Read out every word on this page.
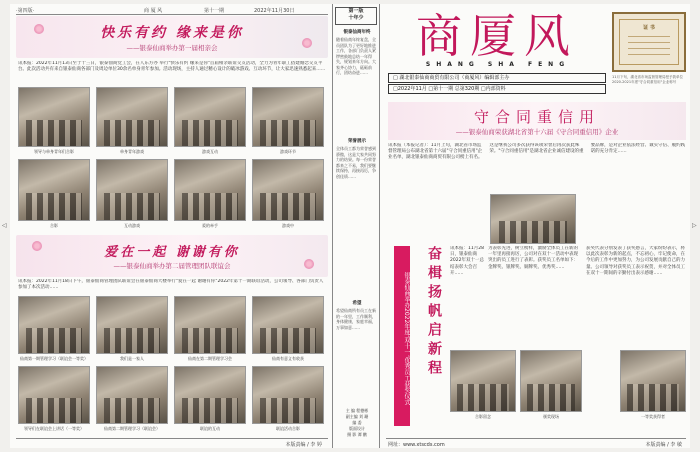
·第四版·	商 厦 风	第十一期	2022年11月30日
快乐有约 缘来是你
——银泰仙商举办第一届相亲会
讯本报：2022年11月13日至于十三日，银泰仙商党工会，在人东方办 举行"快乐有约 缘来是你"首届相亲联谊交友活动，全力为青年职工搭建婚恋交友平台。此次活动共有来自银泰仙商各部门及周边单位30余名单身青年参加。活动现场，主持人通过精心设计的破冰游戏、互动环节，让大家迅速熟悉起来……
领导与单身青年们合影	单身青年游戏	游戏互动	游戏环节
合影	互动游戏	爱的牵手	游戏中
爱在一起 谢谢有你
——银泰仙商举办第二届管理团队联谊会
讯本报：2022年11月18日下午，银泰仙商管理团队联谊会在银泰仙商大楼举行"爱在一起 谢谢有你"2022年第十一期联谊活动，公司领导、各部门负责人参加了本次活动……
仙商第一期管理学习（联谊会一等奖）	我们是一家人	仙商在第二期管理学习会	仙商有意义有收获
领导们在联谊会上讲话（一等奖）	仙商第二期管理学习（联谊会）	联谊的互动	联谊活动合影
本版责编 / 李 婷
第一版
十年少
银泰仙商年终
随着仙商年终复盘，全员团队为了更好地推进工作，各部门负责人紧锣密鼓地总结一年得失，规划来年方向。大家齐心协力，砥砺前行，团结奋进……
荣誉展示
全体员工都为荣誉感到骄傲，这是大家共同努力的结果。每一份荣誉都来之不易，我们要继续保持，再接再厉，争创佳绩……
希望
希望仙商所有员工在新的一年里，工作顺利，身体健康，家庭幸福，万事如意……
主 编 程德彬
副主编 刘 珊
编 委
版面设计
摄 影 谭 鹏
商厦风
SHANG SHA FENG
□ 湖北银泰仙商商贸有限公司（商厦风）编辑部主办
□2022年11月 □第十一期 总第320期 □内部资料
证 书
11月下旬，湖北省市场监督管理局授予我单位2020-2021年度"守合同重信用"企业称号
守合同重信用
——银泰仙商荣获湖北省第十六届《守合同重信用》企业
讯本报（本报记者）：11月上旬，湖北省市场监督管理局公布湖北省第十六届"守合同重信用"企业名单，湖北银泰仙商商贸有限公司榜上有名。这是继我公司多次获得该项荣誉后再次获此殊荣。"守合同重信用"是湖北省企业诚信建设的重要品牌，是对企业依法经营、诚实守信、履约践诺的充分肯定……
银泰仙商举办2022年度‘双十一’优秀员工获奖仪式	奋楫扬帆启新程	讯本报：11月28日，银泰仙商2022年双十一总结表彰大会召开……
为表彰先进，树立榜样，激励全体员工在新的一年里再接再厉，公司对在双十一活动中表现突出的员工进行了表彰。获奖员工名单如下：金牌奖、银牌奖、铜牌奖、优秀奖……
获奖代表分别发表了获奖感言，大家纷纷表示，将以此次表彰为新的起点，不忘初心，牢记使命，在今后的工作中更加努力，为公司发展贡献自己的力量。公司领导对获奖员工表示祝贺，并对全体员工在双十一期间的辛勤付出表示感谢……
合影留念	颁奖现场	一等奖获得者
网址：www.xtscds.com	本版责编 / 李 敏
◁	▷
